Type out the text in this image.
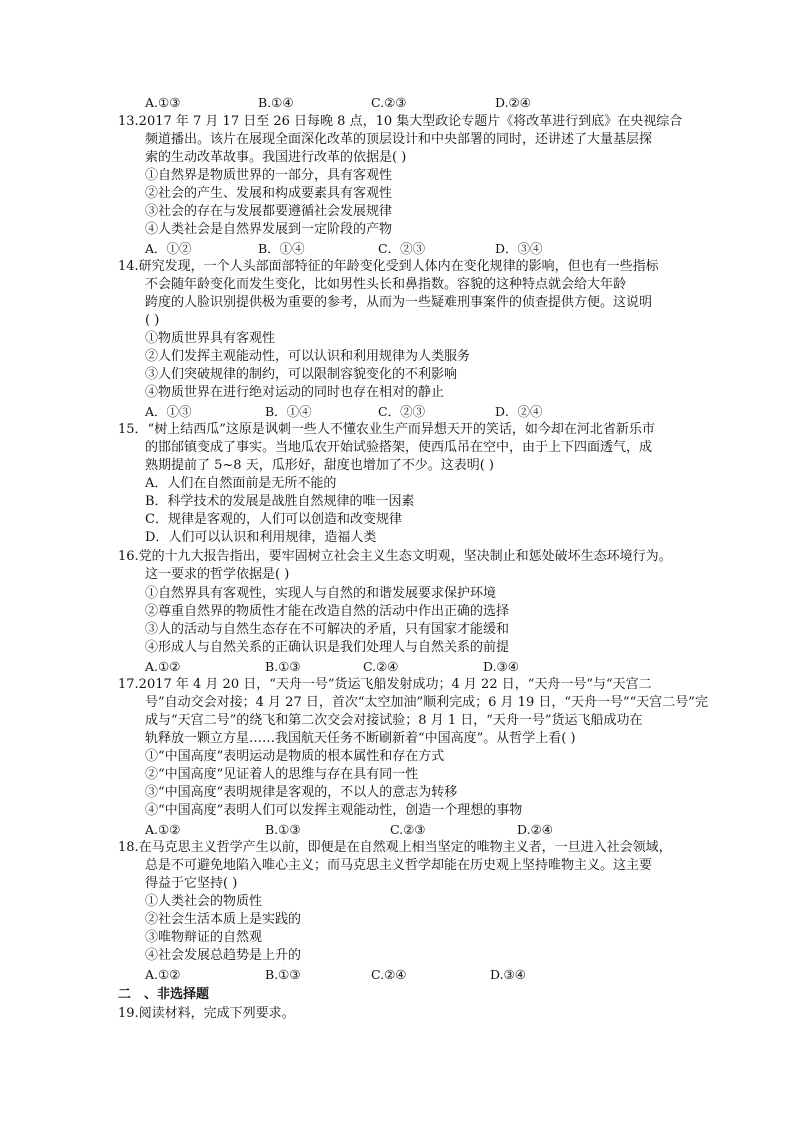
A.①③	B.①④	C.②③	D.②④
13.2017 年 7 月 17 日至 26 日每晚 8 点，10 集大型政论专题片《将改革进行到底》在央视综合
频道播出。该片在展现全面深化改革的顶层设计和中央部署的同时，还讲述了大量基层探
索的生动改革故事。我国进行改革的依据是( )
①自然界是物质世界的一部分，具有客观性
②社会的产生、发展和构成要素具有客观性
③社会的存在与发展都要遵循社会发展规律
④人类社会是自然界发展到一定阶段的产物
A．①②	B．①④	C．②③	D．③④
14.研究发现，一个人头部面部特征的年龄变化受到人体内在变化规律的影响，但也有一些指标
不会随年龄变化而发生变化，比如男性头长和鼻指数。容貌的这种特点就会给大年龄
跨度的人脸识别提供极为重要的参考，从而为一些疑难刑事案件的侦查提供方便。这说明
( )
①物质世界具有客观性
②人们发挥主观能动性，可以认识和利用规律为人类服务
③人们突破规律的制约，可以限制容貌变化的不利影响
④物质世界在进行绝对运动的同时也存在相对的静止
A．①③	B．①④	C．②③	D．②④
15．“树上结西瓜”这原是讽刺一些人不懂农业生产而异想天开的笑话，如今却在河北省新乐市
的邯邰镇变成了事实。当地瓜农开始试验搭架，使西瓜吊在空中，由于上下四面透气，成
熟期提前了 5~8 天，瓜形好，甜度也增加了不少。这表明( )
A．人们在自然面前是无所不能的
B．科学技术的发展是战胜自然规律的唯一因素
C．规律是客观的，人们可以创造和改变规律
D．人们可以认识和利用规律，造福人类
16.党的十九大报告指出，要牢固树立社会主义生态文明观，坚决制止和惩处破坏生态环境行为。
这一要求的哲学依据是( )
①自然界具有客观性，实现人与自然的和谐发展要求保护环境
②尊重自然界的物质性才能在改造自然的活动中作出正确的选择
③人的活动与自然生态存在不可解决的矛盾，只有国家才能缓和
④形成人与自然关系的正确认识是我们处理人与自然关系的前提
A.①②	B.①③	C.②④	D.③④
17.2017 年 4 月 20 日，“天舟一号”货运飞船发射成功；4 月 22 日，“天舟一号”与“天宫二
号”自动交会对接；4 月 27 日，首次“太空加油”顺利完成；6 月 19 日，“天舟一号”“天宫二号”完
成与“天宫二号”的绕飞和第二次交会对接试验；8 月 1 日，“天舟一号”货运飞船成功在
轨释放一颗立方星……我国航天任务不断刷新着“中国高度”。从哲学上看( )
①“中国高度”表明运动是物质的根本属性和存在方式
②“中国高度”见证着人的思维与存在具有同一性
③“中国高度”表明规律是客观的，不以人的意志为转移
④“中国高度”表明人们可以发挥主观能动性，创造一个理想的事物
A.①②	B.①③	C.②③	D.②④
18.在马克思主义哲学产生以前，即便是在自然观上相当坚定的唯物主义者，一旦进入社会领域，
总是不可避免地陷入唯心主义；而马克思主义哲学却能在历史观上坚持唯物主义。这主要
得益于它坚持( )
①人类社会的物质性
②社会生活本质上是实践的
③唯物辩证的自然观
④社会发展总趋势是上升的
A.①②	B.①③	C.②④	D.③④
二　、非选择题
19.阅读材料，完成下列要求。
